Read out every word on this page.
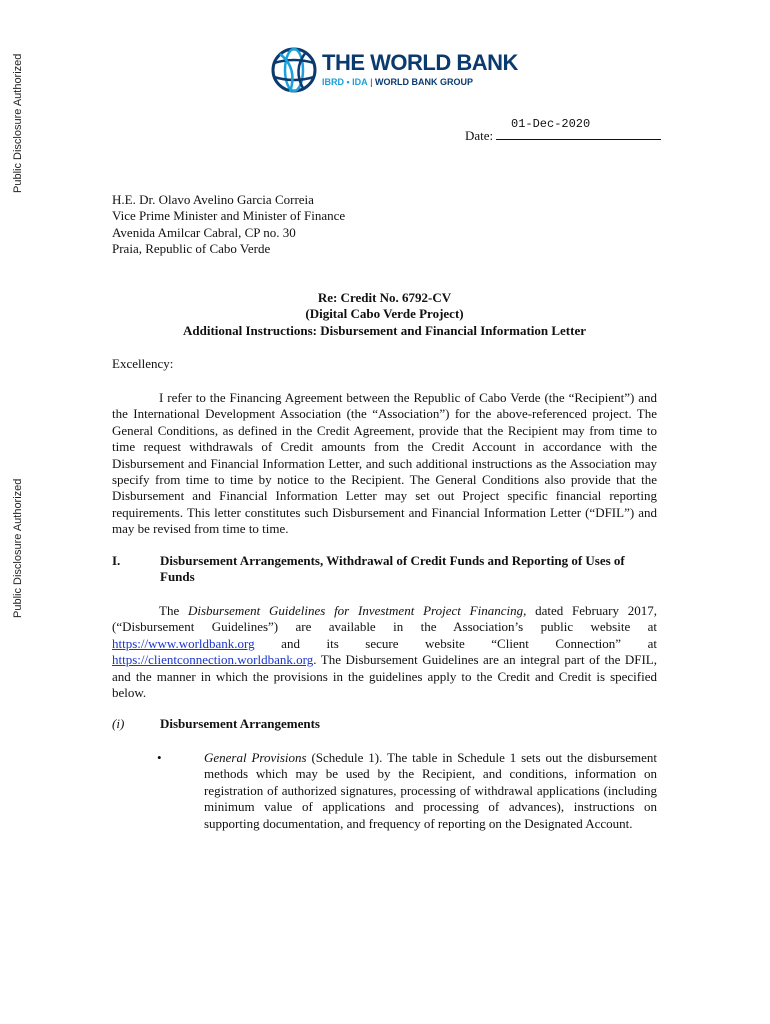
Public Disclosure Authorized
Public Disclosure Authorized
THE WORLD BANK
IBRD • IDA | WORLD BANK GROUP
01-Dec-2020
Date:
H.E. Dr. Olavo Avelino Garcia Correia
Vice Prime Minister and Minister of Finance
Avenida Amilcar Cabral, CP no. 30
Praia, Republic of Cabo Verde
Re: Credit No. 6792-CV
(Digital Cabo Verde Project)
Additional Instructions: Disbursement and Financial Information Letter
Excellency:

I refer to the Financing Agreement between the Republic of Cabo Verde (the “Recipient”) and the International Development Association (the “Association”) for the above-referenced project. The General Conditions, as defined in the Credit Agreement, provide that the Recipient may from time to time request withdrawals of Credit amounts from the Credit Account in accordance with the Disbursement and Financial Information Letter, and such additional instructions as the Association may specify from time to time by notice to the Recipient. The General Conditions also provide that the Disbursement and Financial Information Letter may set out Project specific financial reporting requirements. This letter constitutes such Disbursement and Financial Information Letter (“DFIL”) and may be revised from time to time.

I.	Disbursement Arrangements, Withdrawal of Credit Funds and Reporting of Uses of Funds

The Disbursement Guidelines for Investment Project Financing, dated February 2017, (“Disbursement Guidelines”) are available in the Association’s public website at https://www.worldbank.org and its secure website “Client Connection” at https://clientconnection.worldbank.org. The Disbursement Guidelines are an integral part of the DFIL, and the manner in which the provisions in the guidelines apply to the Credit and Credit is specified below.

(i)	Disbursement Arrangements
•	General Provisions (Schedule 1). The table in Schedule 1 sets out the disbursement methods which may be used by the Recipient, and conditions, information on registration of authorized signatures, processing of withdrawal applications (including minimum value of applications and processing of advances), instructions on supporting documentation, and frequency of reporting on the Designated Account.
